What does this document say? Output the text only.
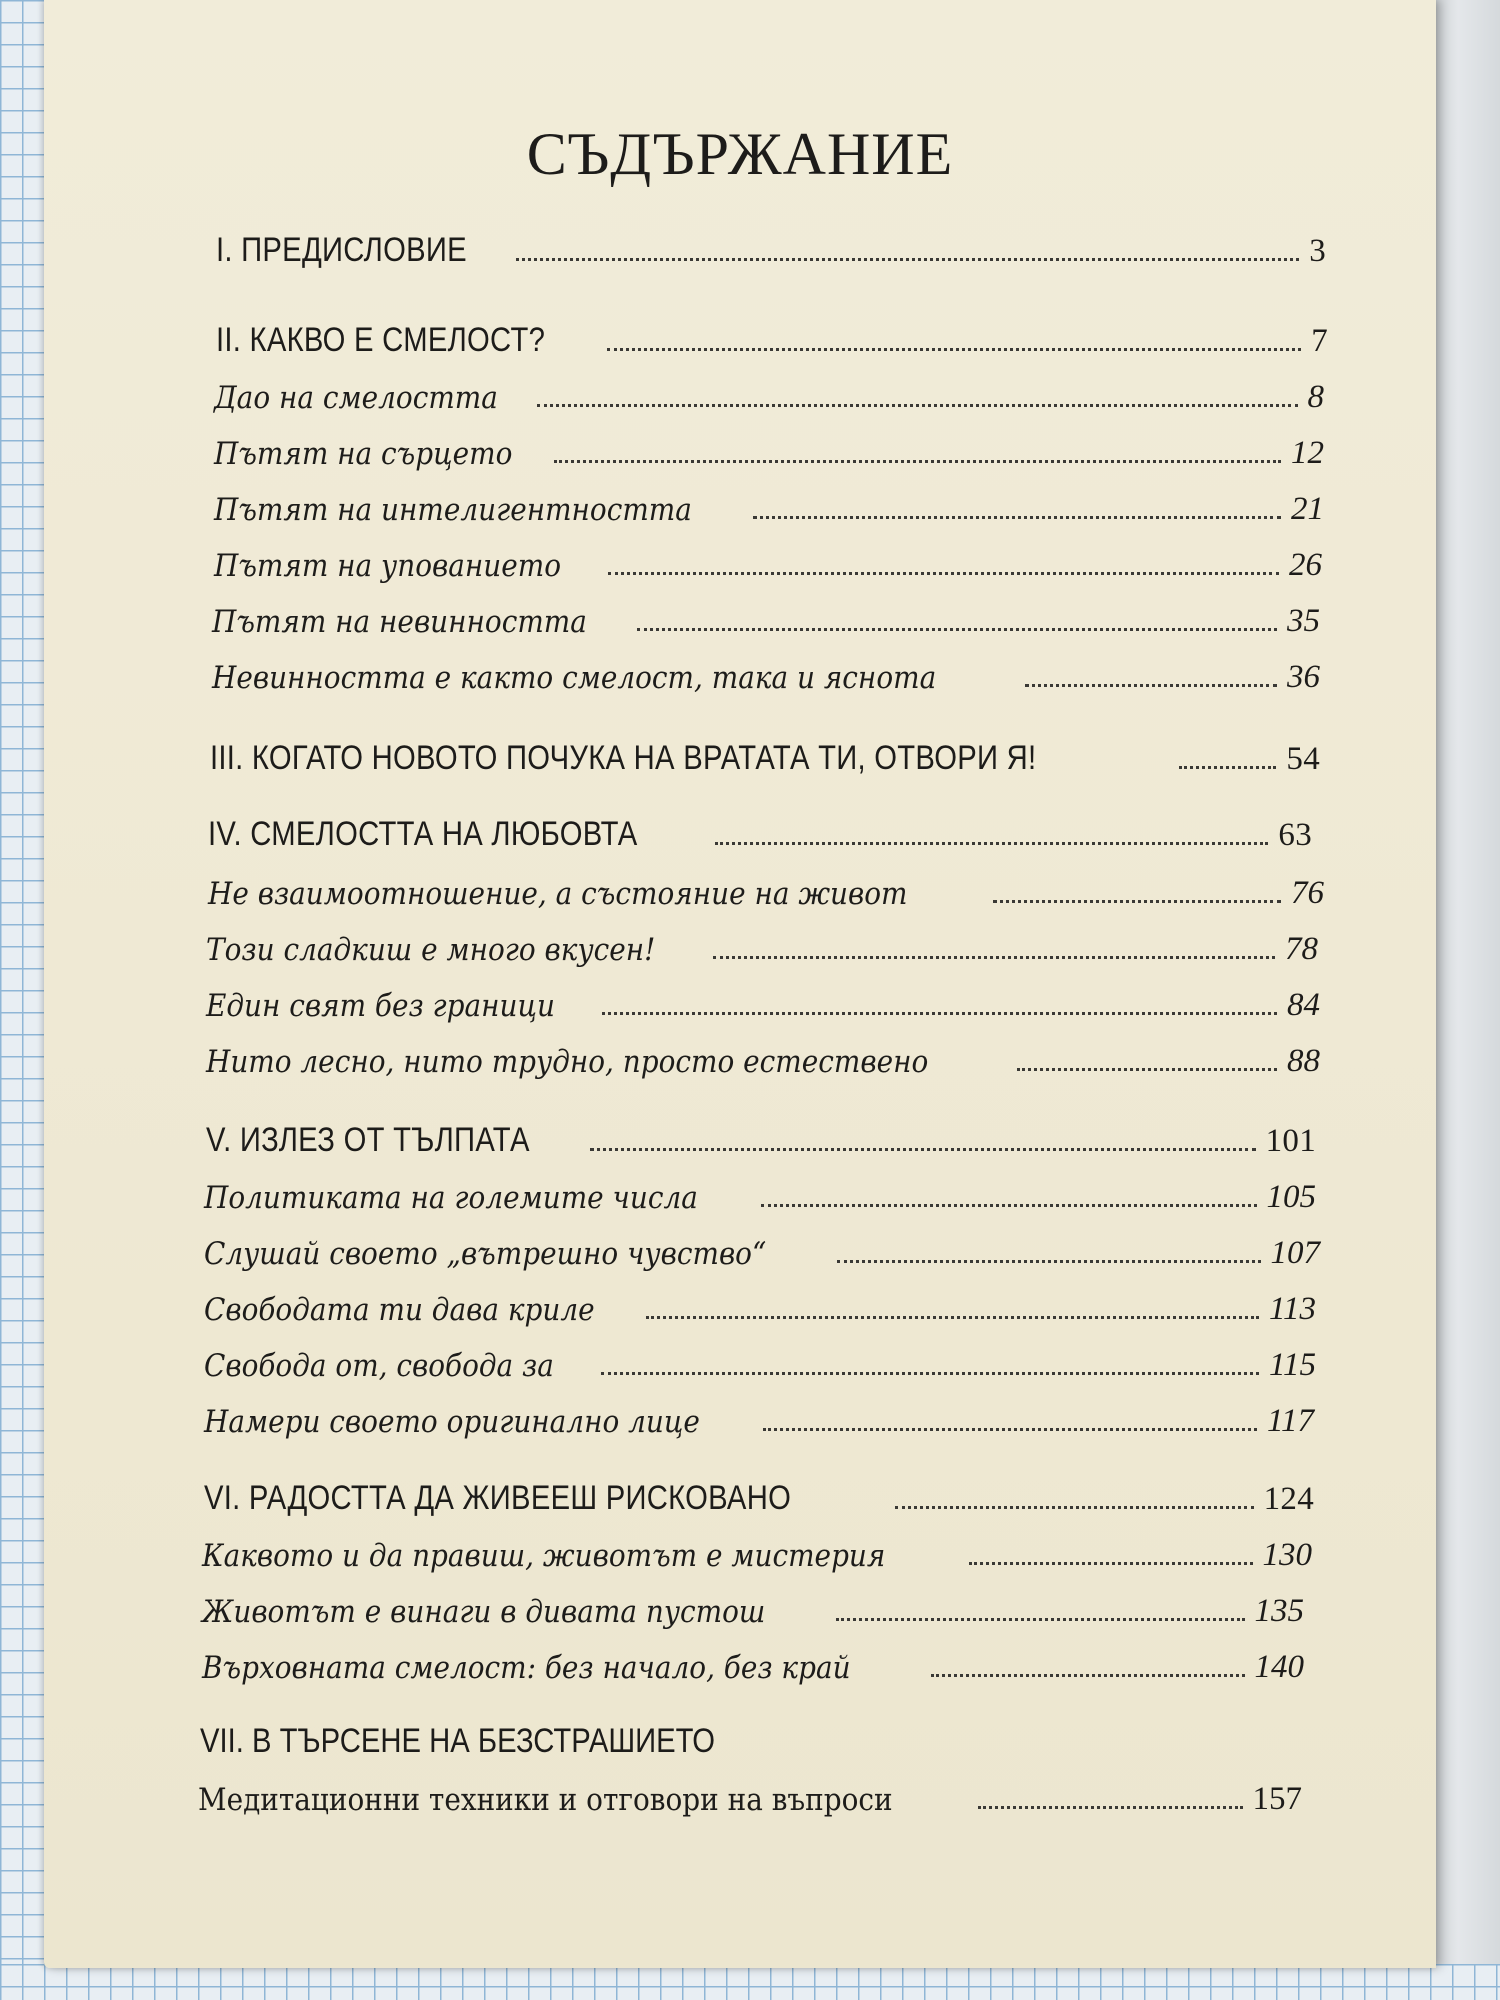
СЪДЪРЖАНИЕ
I. ПРЕДИСЛОВИЕ	3
II. КАКВО Е СМЕЛОСТ?	7
Дао на смелостта	8
Пътят на сърцето	12
Пътят на интелигентността	21
Пътят на упованието	26
Пътят на невинността	35
Невинността е както смелост, така и яснота	36
III. КОГАТО НОВОТО ПОЧУКА НА ВРАТАТА ТИ, ОТВОРИ Я!	54
IV. СМЕЛОСТТА НА ЛЮБОВТА	63
Не взаимоотношение, а състояние на живот	76
Този сладкиш е много вкусен!	78
Един свят без граници	84
Нито лесно, нито трудно, просто естествено	88
V. ИЗЛЕЗ ОТ ТЪЛПАТА	101
Политиката на големите числа	105
Слушай своето „вътрешно чувство“	107
Свободата ти дава криле	113
Свобода от, свобода за	115
Намери своето оригинално лице	117
VI. РАДОСТТА ДА ЖИВЕЕШ РИСКОВАНО	124
Каквото и да правиш, животът е мистерия	130
Животът е винаги в дивата пустош	135
Върховната смелост: без начало, без край	140
VII. В ТЪРСЕНЕ НА БЕЗСТРАШИЕТО
Медитационни техники и отговори на въпроси	157
